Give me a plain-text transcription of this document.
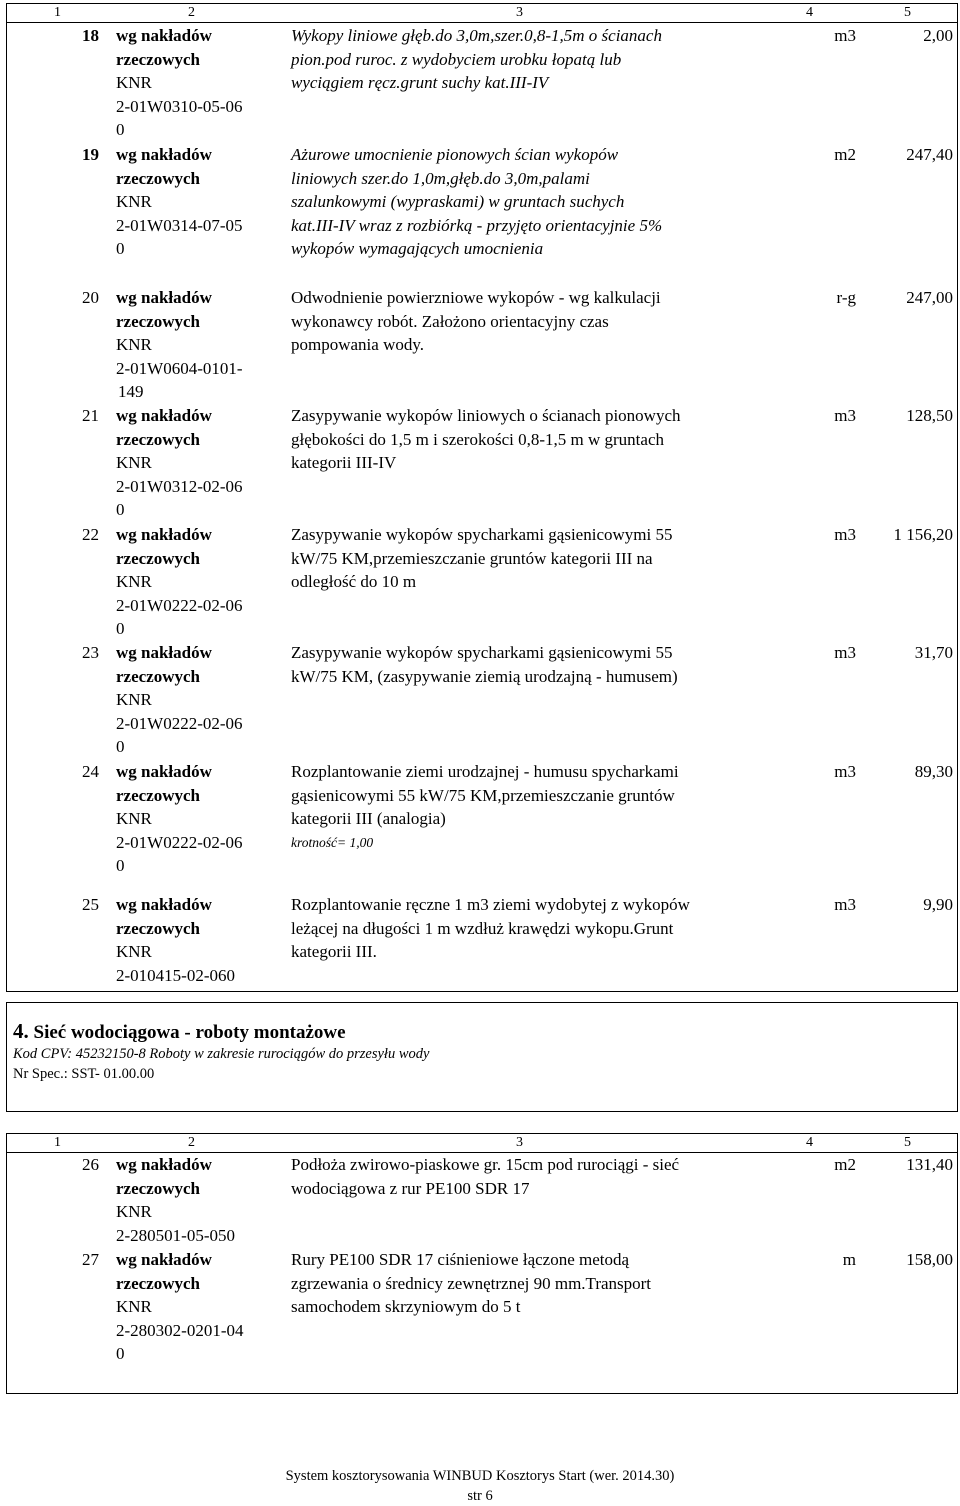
1	2	3	4	5
18 wg nakładów
rzeczowych
KNR
2-01W0310-05-06
0
Wykopy liniowe głęb.do 3,0m,szer.0,8-1,5m o ścianach
pion.pod ruroc. z wydobyciem urobku łopatą lub
wyciągiem ręcz.grunt suchy kat.III-IV
m3	2,00
19 wg nakładów
rzeczowych
KNR
2-01W0314-07-05
0
Ażurowe umocnienie pionowych ścian wykopów
liniowych szer.do 1,0m,głęb.do 3,0m,palami
szalunkowymi (wypraskami) w gruntach suchych
kat.III-IV wraz z rozbiórką - przyjęto orientacyjnie 5%
wykopów wymagających umocnienia
m2	247,40
20 wg nakładów
rzeczowych
KNR
2-01W0604-0101-
149
Odwodnienie powierzniowe wykopów - wg kalkulacji
wykonawcy robót. Założono orientacyjny czas
pompowania wody.
r-g	247,00
21 wg nakładów
rzeczowych
KNR
2-01W0312-02-06
0
Zasypywanie wykopów liniowych o ścianach pionowych
głębokości do 1,5 m i szerokości 0,8-1,5 m w gruntach
kategorii III-IV
m3	128,50
22 wg nakładów
rzeczowych
KNR
2-01W0222-02-06
0
Zasypywanie wykopów spycharkami gąsienicowymi 55
kW/75 KM,przemieszczanie gruntów kategorii III na
odległość do 10 m
m3	1 156,20
23 wg nakładów
rzeczowych
KNR
2-01W0222-02-06
0
Zasypywanie wykopów spycharkami gąsienicowymi 55
kW/75 KM, (zasypywanie ziemią urodzajną - humusem)
m3	31,70
24 wg nakładów
rzeczowych
KNR
2-01W0222-02-06
0
Rozplantowanie ziemi urodzajnej - humusu spycharkami
gąsienicowymi 55 kW/75 KM,przemieszczanie gruntów
kategorii III (analogia)
krotność= 1,00
m3	89,30
25 wg nakładów
rzeczowych
KNR
2-010415-02-060
Rozplantowanie ręczne 1 m3 ziemi wydobytej z wykopów
leżącej na długości 1 m wzdłuż krawędzi wykopu.Grunt
kategorii III.
m3	9,90
4. Sieć wodociągowa - roboty montażowe
Kod CPV: 45232150-8 Roboty w zakresie rurociągów do przesyłu wody
Nr Spec.: SST- 01.00.00
1	2	3	4	5
26 wg nakładów
rzeczowych
KNR
2-280501-05-050
Podłoża zwirowo-piaskowe gr. 15cm pod rurociągi - sieć
wodociągowa z rur PE100 SDR 17
m2	131,40
27 wg nakładów
rzeczowych
KNR
2-280302-0201-04
0
Rury PE100 SDR 17 ciśnieniowe łączone metodą
zgrzewania o średnicy zewnętrznej 90 mm.Transport
samochodem skrzyniowym do 5 t
m	158,00
System kosztorysowania WINBUD Kosztorys Start (wer. 2014.30)
str 6
